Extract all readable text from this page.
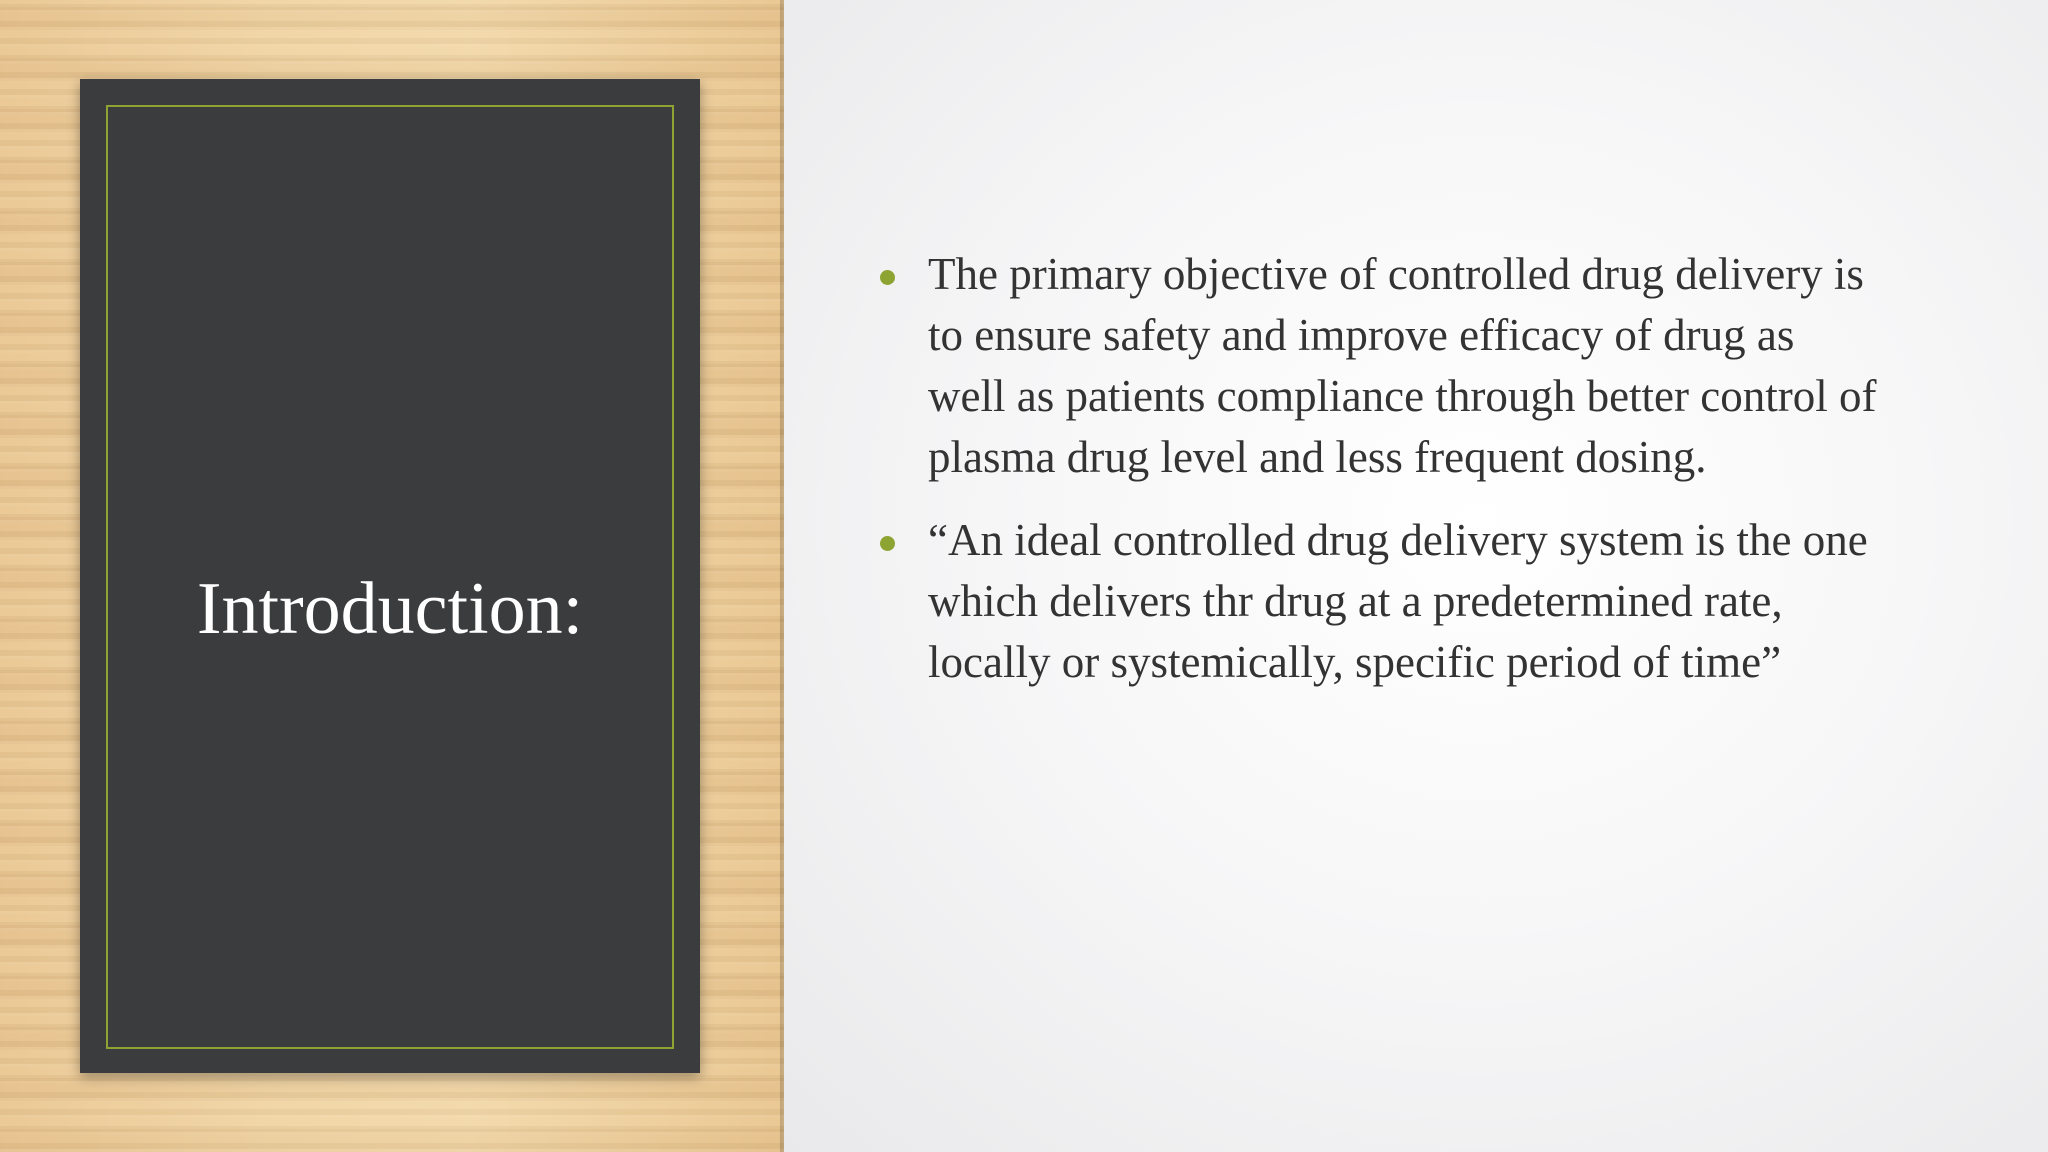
Introduction:
The primary objective of controlled drug delivery is to ensure safety and improve efficacy of drug as well as patients compliance through better control of plasma drug level and less frequent dosing.
“An ideal controlled drug delivery system is the one which delivers thr drug at a predetermined rate, locally or systemically, specific period of time”
